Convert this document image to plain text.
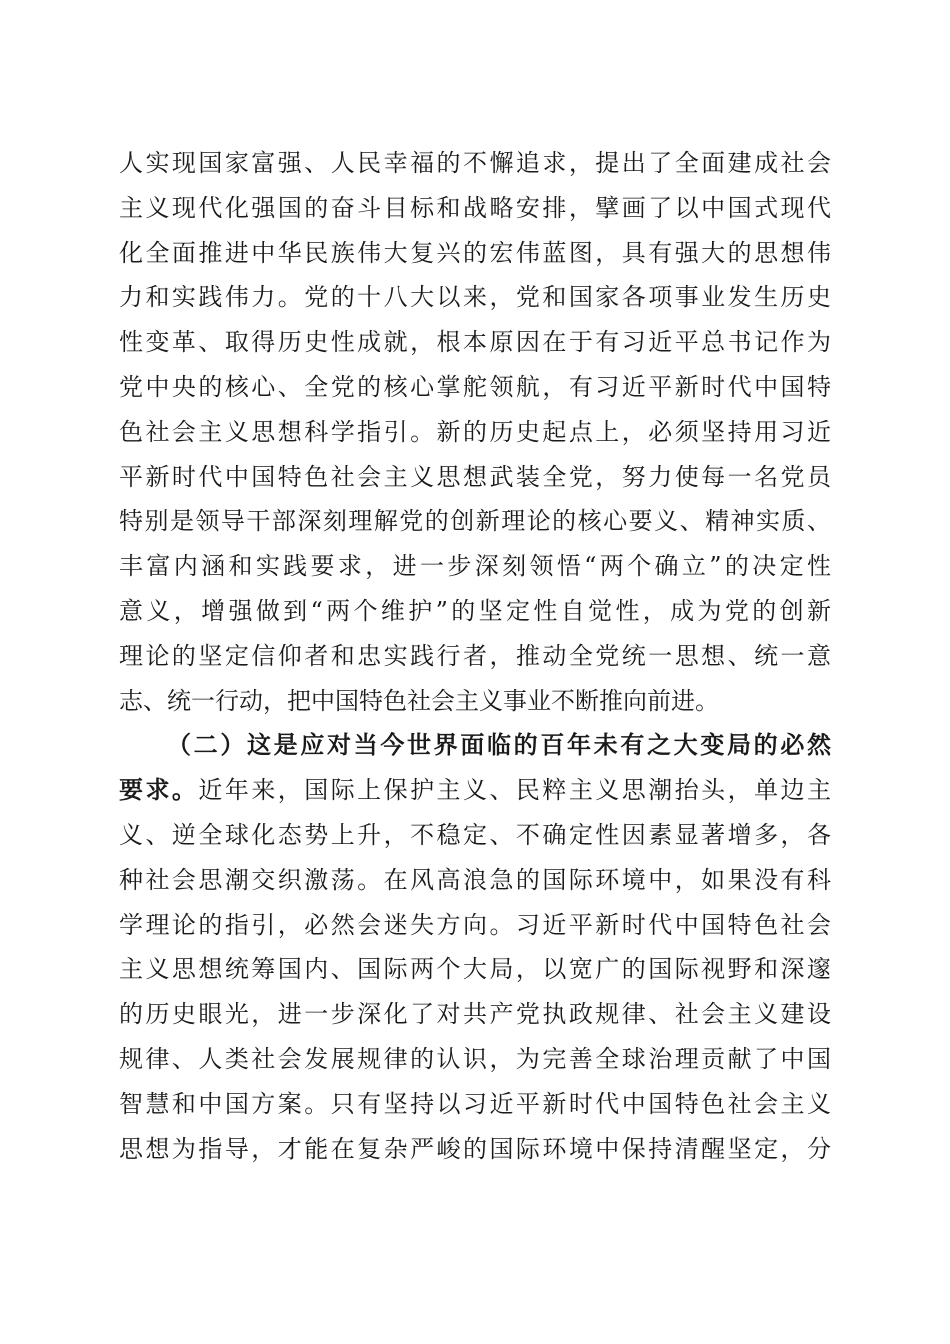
人实现国家富强、人民幸福的不懈追求，提出了全面建成社会
主义现代化强国的奋斗目标和战略安排，擘画了以中国式现代
化全面推进中华民族伟大复兴的宏伟蓝图，具有强大的思想伟
力和实践伟力。党的十八大以来，党和国家各项事业发生历史
性变革、取得历史性成就，根本原因在于有习近平总书记作为
党中央的核心、全党的核心掌舵领航，有习近平新时代中国特
色社会主义思想科学指引。新的历史起点上，必须坚持用习近
平新时代中国特色社会主义思想武装全党，努力使每一名党员
特别是领导干部深刻理解党的创新理论的核心要义、精神实质、
丰富内涵和实践要求，进一步深刻领悟“两个确立”的决定性
意义，增强做到“两个维护”的坚定性自觉性，成为党的创新
理论的坚定信仰者和忠实践行者，推动全党统一思想、统一意
志、统一行动，把中国特色社会主义事业不断推向前进。
（二）这是应对当今世界面临的百年未有之大变局的必然
要求。近年来，国际上保护主义、民粹主义思潮抬头，单边主
义、逆全球化态势上升，不稳定、不确定性因素显著增多，各
种社会思潮交织激荡。在风高浪急的国际环境中，如果没有科
学理论的指引，必然会迷失方向。习近平新时代中国特色社会
主义思想统筹国内、国际两个大局，以宽广的国际视野和深邃
的历史眼光，进一步深化了对共产党执政规律、社会主义建设
规律、人类社会发展规律的认识，为完善全球治理贡献了中国
智慧和中国方案。只有坚持以习近平新时代中国特色社会主义
思想为指导，才能在复杂严峻的国际环境中保持清醒坚定，分
